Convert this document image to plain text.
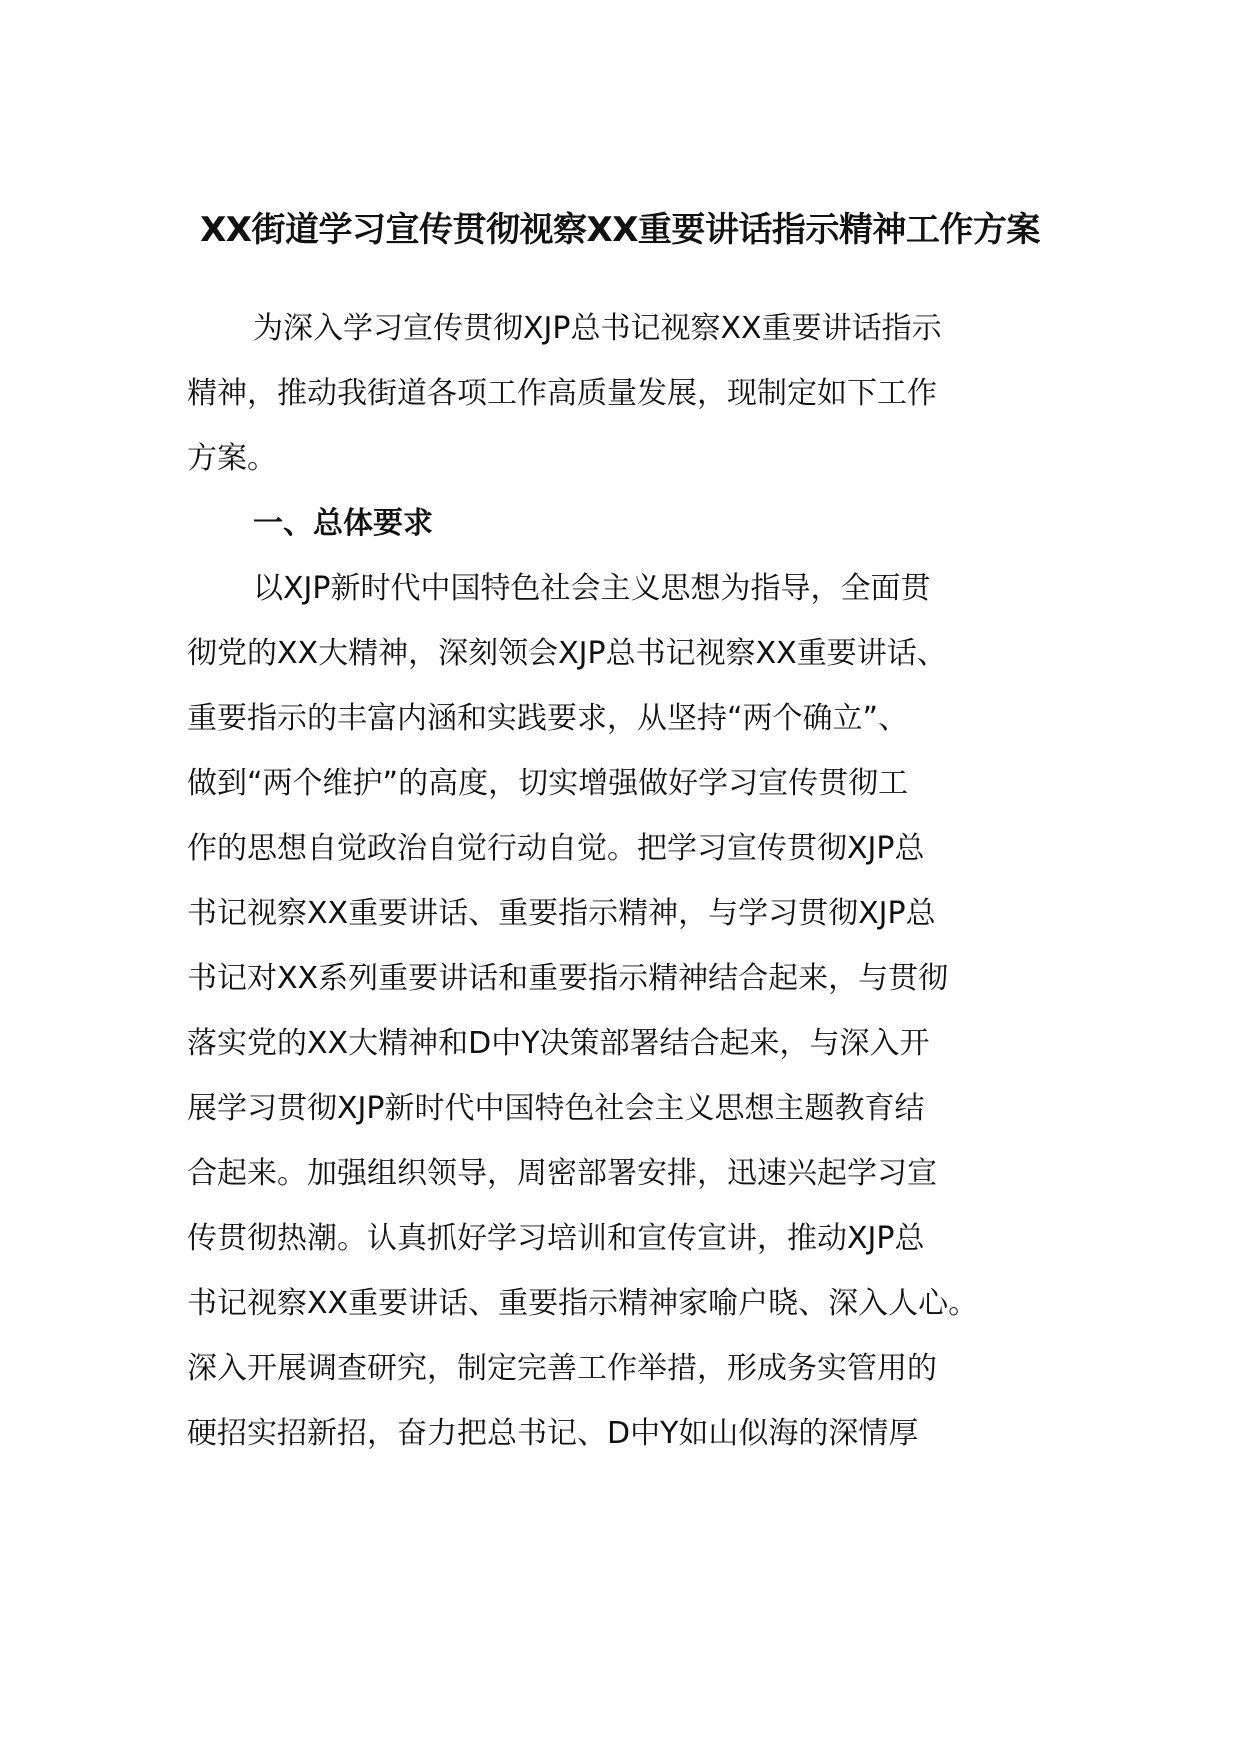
XX街道学习宣传贯彻视察XX重要讲话指示精神工作方案
为深入学习宣传贯彻XJP总书记视察XX重要讲话指示
精神，推动我街道各项工作高质量发展，现制定如下工作
方案。
一、总体要求
以XJP新时代中国特色社会主义思想为指导，全面贯
彻党的XX大精神，深刻领会XJP总书记视察XX重要讲话、
重要指示的丰富内涵和实践要求，从坚持“两个确立”、
做到“两个维护”的高度，切实增强做好学习宣传贯彻工
作的思想自觉政治自觉行动自觉。把学习宣传贯彻XJP总
书记视察XX重要讲话、重要指示精神，与学习贯彻XJP总
书记对XX系列重要讲话和重要指示精神结合起来，与贯彻
落实党的XX大精神和D中Y决策部署结合起来，与深入开
展学习贯彻XJP新时代中国特色社会主义思想主题教育结
合起来。加强组织领导，周密部署安排，迅速兴起学习宣
传贯彻热潮。认真抓好学习培训和宣传宣讲，推动XJP总
书记视察XX重要讲话、重要指示精神家喻户晓、深入人心。
深入开展调查研究，制定完善工作举措，形成务实管用的
硬招实招新招，奋力把总书记、D中Y如山似海的深情厚
